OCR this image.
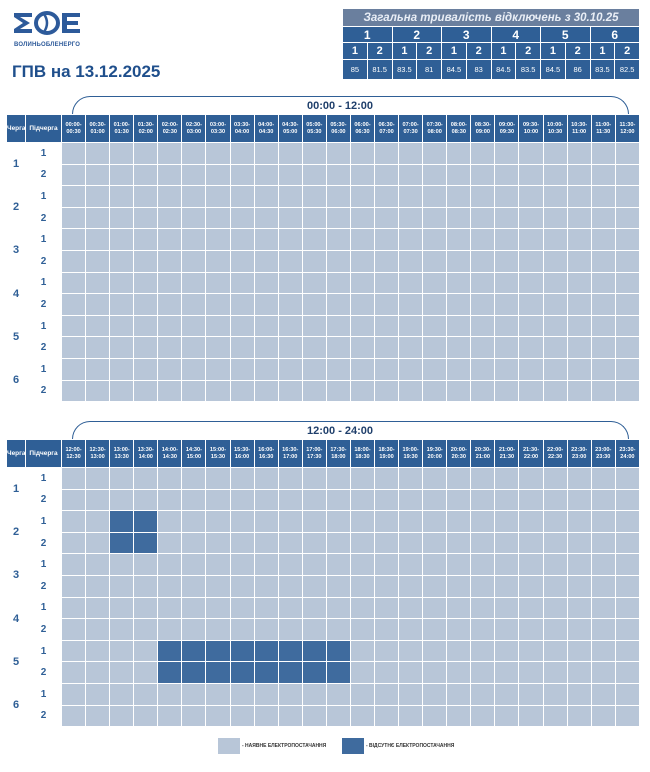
ВОЛИНЬОБЛЕНЕРГО
ГПВ на 13.12.2025
Загальна тривалість відключень з 30.10.25											
1		2		3		4		5		6	
1	2	1	2	1	2	1	2	1	2	1	2
85	81.5	83.5	81	84.5	83	84.5	83.5	84.5	86	83.5	82.5
00:00 - 12:00
Черга	Підчерга	00:00-00:30	00:30-01:00	01:00-01:30	01:30-02:00	02:00-02:30	02:30-03:00	03:00-03:30	03:30-04:00	04:00-04:30	04:30-05:00	05:00-05:30	05:30-06:00	06:00-06:30	06:30-07:00	07:00-07:30	07:30-08:00	08:00-08:30	08:30-09:00	09:00-09:30	09:30-10:00	10:00-10:30	10:30-11:00	11:00-11:30	11:30-12:00
1	1																								
	2																								
2	1																								
	2																								
3	1																								
	2																								
4	1																								
	2																								
5	1																								
	2																								
6	1																								
	2																								
12:00 - 24:00
Черга	Підчерга	12:00-12:30	12:30-13:00	13:00-13:30	13:30-14:00	14:00-14:30	14:30-15:00	15:00-15:30	15:30-16:00	16:00-16:30	16:30-17:00	17:00-17:30	17:30-18:00	18:00-18:30	18:30-19:00	19:00-19:30	19:30-20:00	20:00-20:30	20:30-21:00	21:00-21:30	21:30-22:00	22:00-22:30	22:30-23:00	23:00-23:30	23:30-24:00
1	1																								
	2																								
2	1																								
	2																								
3	1																								
	2																								
4	1																								
	2																								
5	1																								
	2																								
6	1																								
	2																								
- НАЯВНЕ ЕЛЕКТРОПОСТАЧАННЯ	- ВІДСУТНЄ ЕЛЕКТРОПОСТАЧАННЯ
